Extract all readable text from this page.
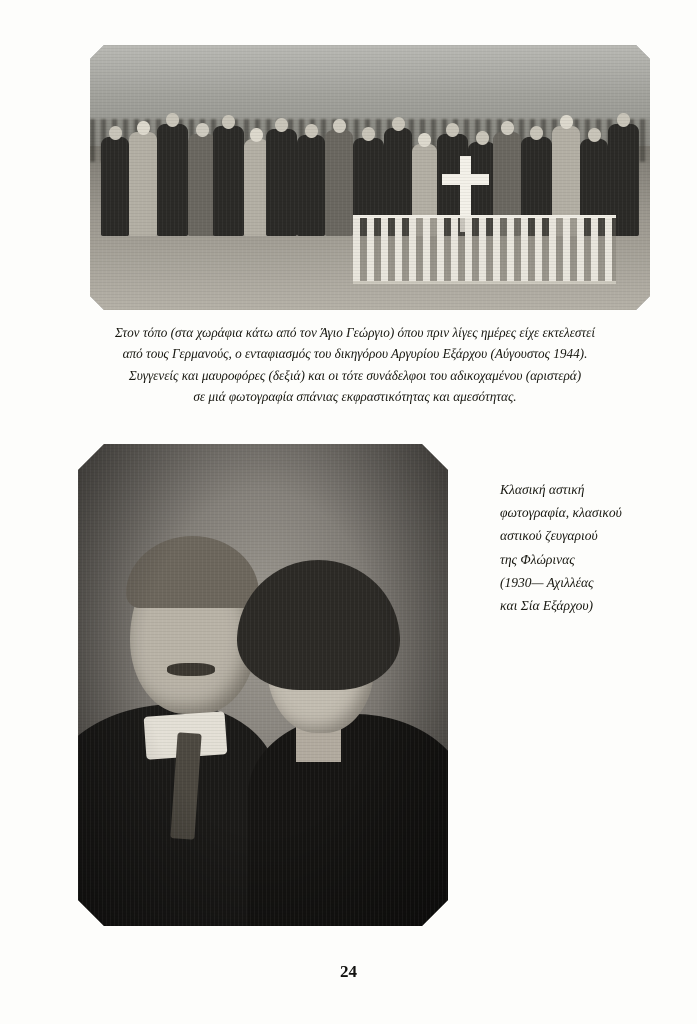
Στον τόπο (στα χωράφια κάτω από τον Άγιο Γεώργιο) όπου πριν λίγες ημέρες είχε εκτελεστεί
από τους Γερμανούς, ο ενταφιασμός του δικηγόρου Αργυρίου Εξάρχου (Αύγουστος 1944).
Συγγενείς και μαυροφόρες (δεξιά) και οι τότε συνάδελφοι του αδικοχαμένου (αριστερά)
σε μιά φωτογραφία σπάνιας εκφραστικότητας και αμεσότητας.
Κλασική αστική
φωτογραφία, κλασικού
αστικού ζευγαριού
της Φλώρινας
(1930— Αχιλλέας
και Σία Εξάρχου)
24
